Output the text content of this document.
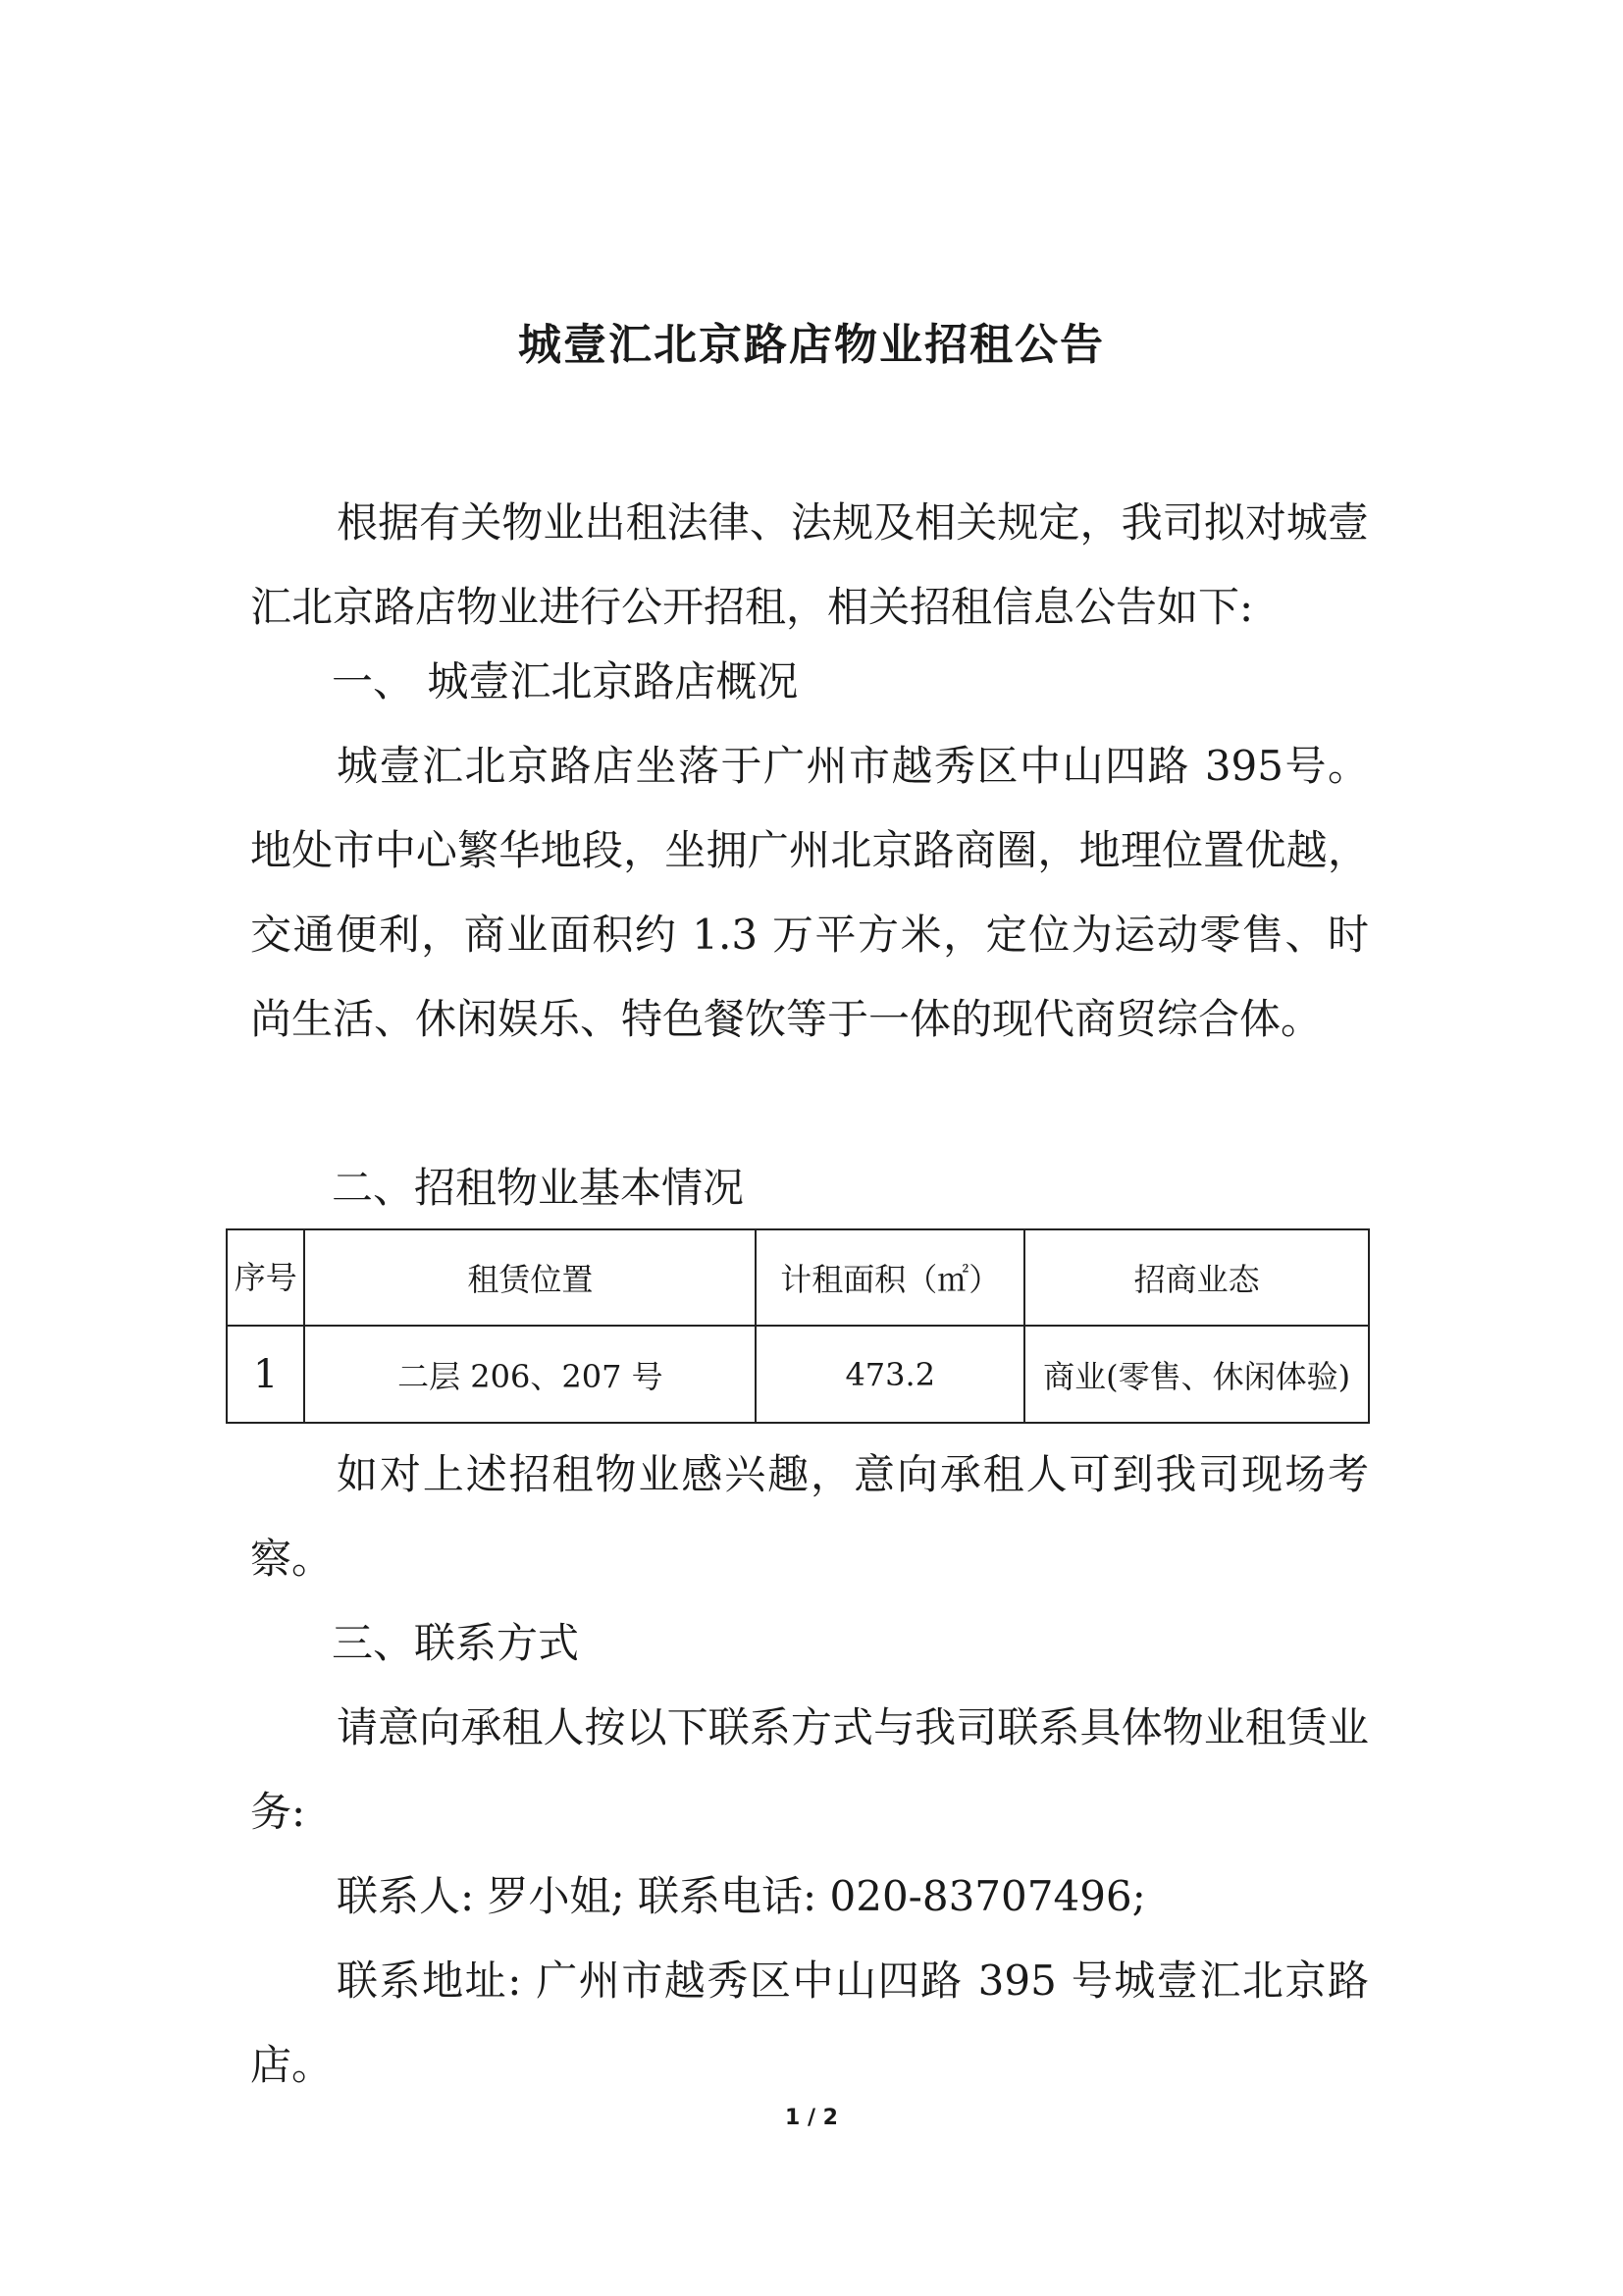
城壹汇北京路店物业招租公告
根据有关物业出租法律、法规及相关规定，我司拟对城壹汇北京路店物业进行公开招租，相关招租信息公告如下:
一、 城壹汇北京路店概况
城壹汇北京路店坐落于广州市越秀区中山四路 395号。地处市中心繁华地段，坐拥广州北京路商圈，地理位置优越，交通便利，商业面积约 1.3 万平方米，定位为运动零售、时尚生活、休闲娱乐、特色餐饮等于一体的现代商贸综合体。
二、招租物业基本情况
序号	租赁位置	计租面积（㎡）	招商业态
1	二层 206、207 号	473.2	商业(零售、休闲体验)
如对上述招租物业感兴趣，意向承租人可到我司现场考察。
三、联系方式
请意向承租人按以下联系方式与我司联系具体物业租赁业务:
联系人: 罗小姐; 联系电话: 020-83707496;
联系地址: 广州市越秀区中山四路 395 号城壹汇北京路店。
1 / 2
